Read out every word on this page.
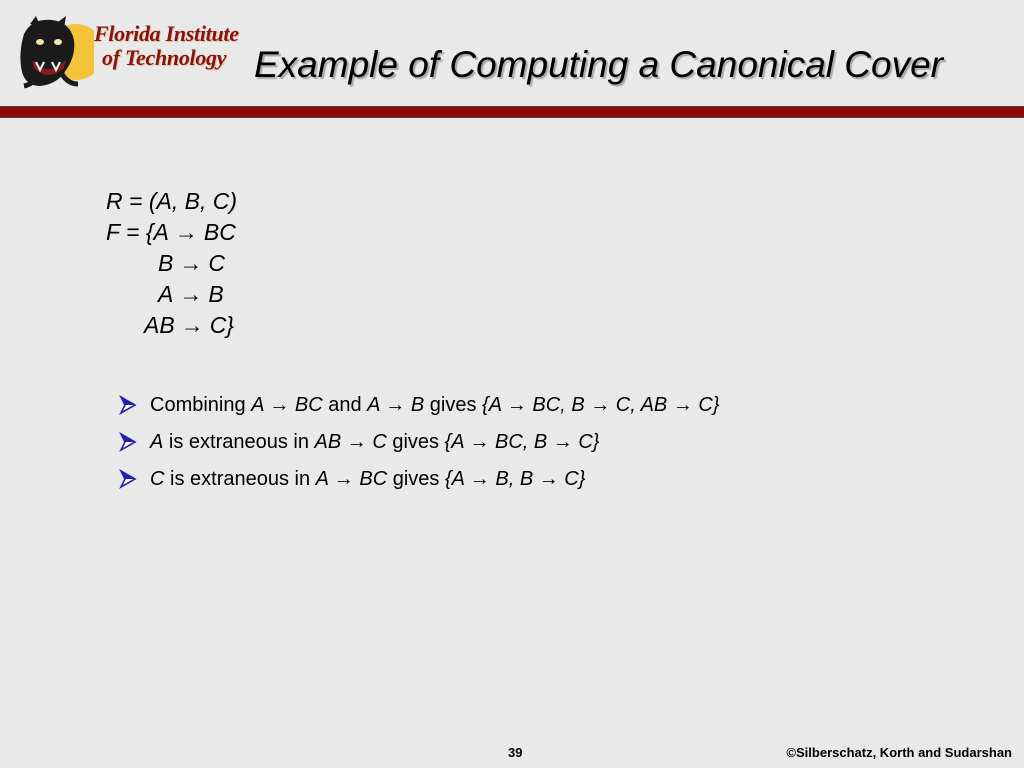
Florida Institute
of Technology Example of Computing a Canonical Cover
R = (A, B, C)
F = {A → BC
B → C
A → B
AB → C}
Combining A → BC and A → B gives {A → BC, B → C, AB → C}
A is extraneous in AB → C gives {A → BC, B → C}
C is extraneous in A → BC gives {A → B, B → C}
39	©Silberschatz, Korth and Sudarshan
